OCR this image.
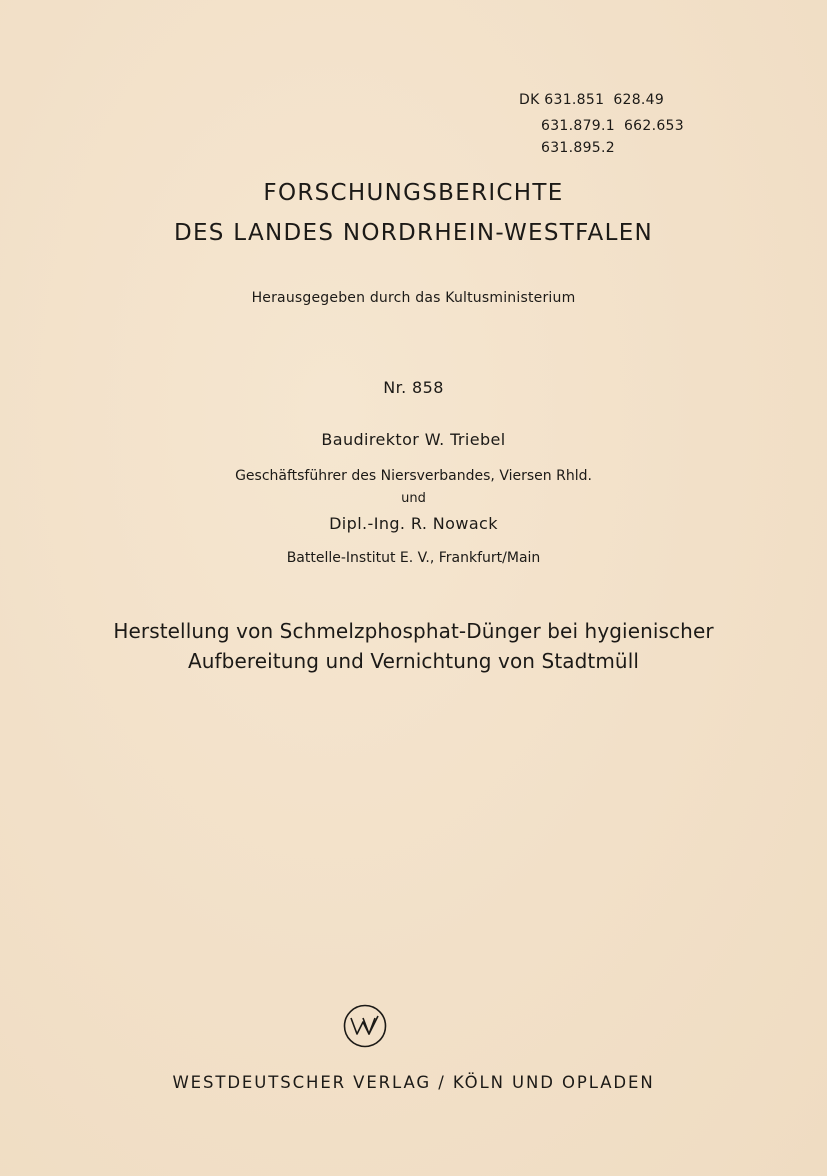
DK 631.851 628.49
631.879.1 662.653
631.895.2
FORSCHUNGSBERICHTE
DES LANDES NORDRHEIN-WESTFALEN
Herausgegeben durch das Kultusministerium
Nr. 858
Baudirektor W. Triebel
Geschäftsführer des Niersverbandes, Viersen Rhld.
und
Dipl.-Ing. R. Nowack
Battelle-Institut E. V., Frankfurt/Main
Herstellung von Schmelzphosphat-Dünger bei hygienischer
Aufbereitung und Vernichtung von Stadtmüll
WESTDEUTSCHER VERLAG / KÖLN UND OPLADEN
